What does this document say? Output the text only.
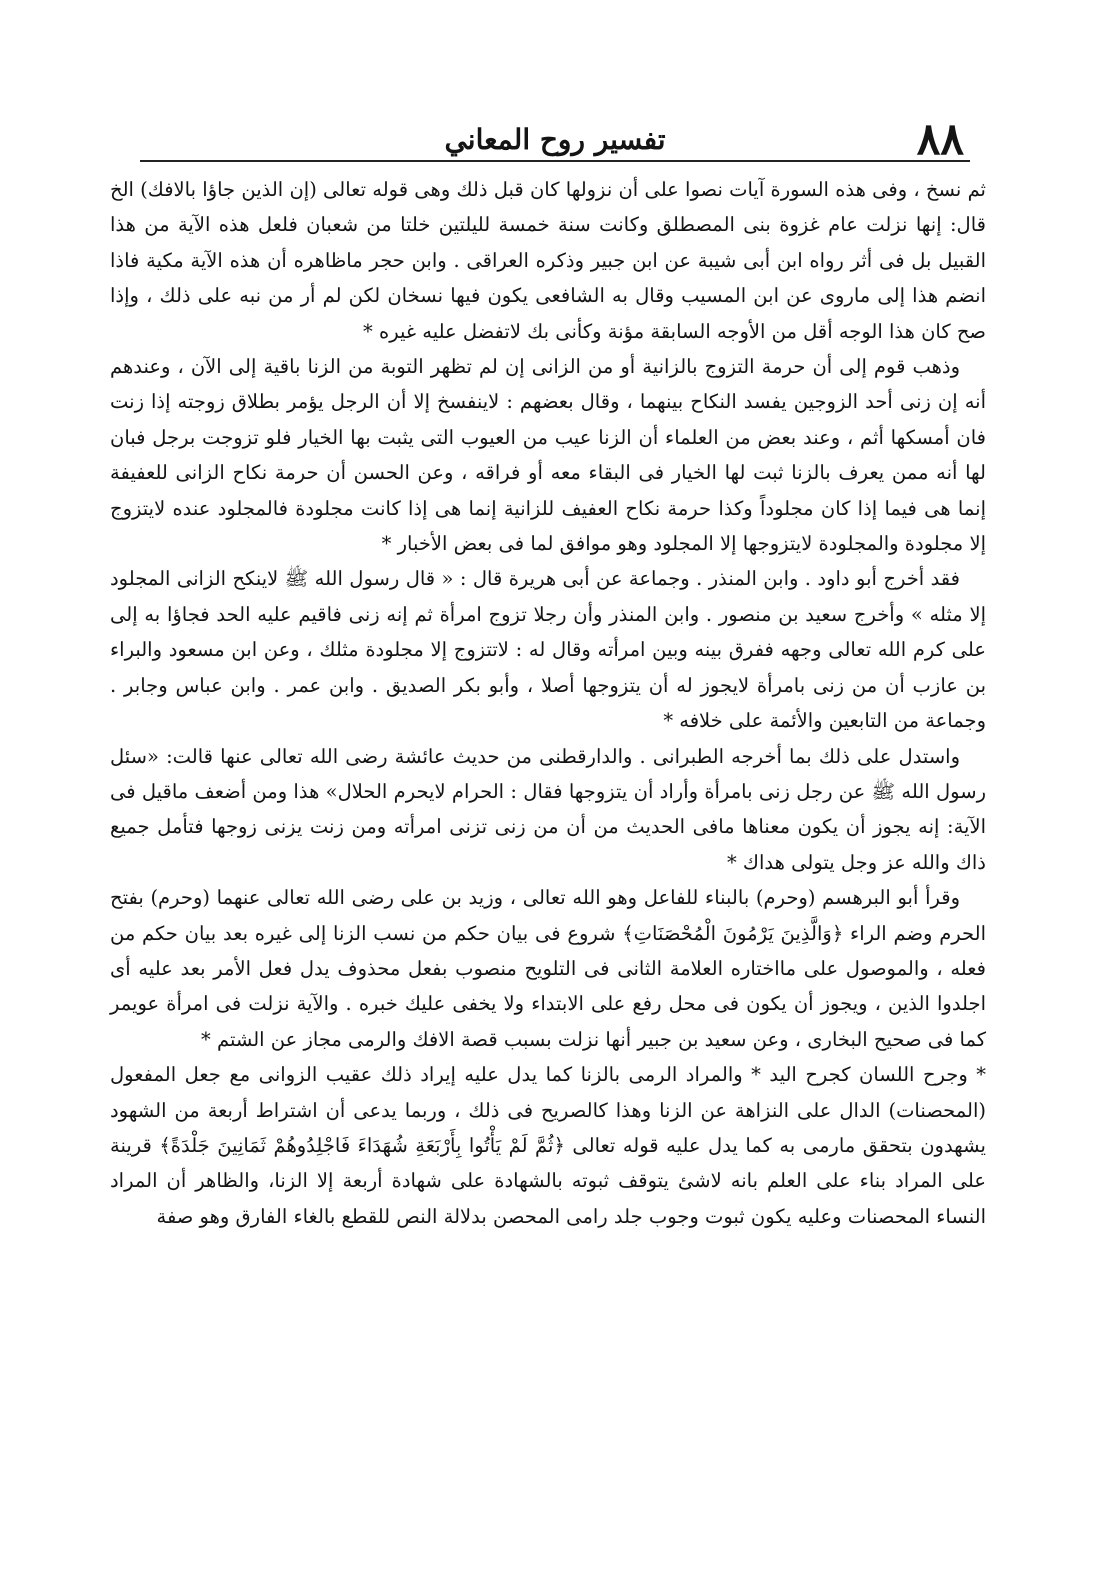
٨٨
تفسير روح المعاني

ثم نسخ ، وفى هذه السورة آيات نصوا على أن نزولها كان قبل ذلك وهى قوله تعالى (إن الذين جاؤا بالافك) الخ قال: إنها نزلت عام غزوة بنى المصطلق وكانت سنة خمسة لليلتين خلتا من شعبان فلعل هذه الآية من هذا القبيل بل فى أثر رواه ابن أبى شيبة عن ابن جبير وذكره العراقى . وابن حجر ماظاهره أن هذه الآية مكية فاذا انضم هذا إلى ماروى عن ابن المسيب وقال به الشافعى يكون فيها نسخان لكن لم أر من نبه على ذلك ، وإذا صح كان هذا الوجه أقل من الأوجه السابقة مؤنة وكأنى بك لاتفضل عليه غيره *

وذهب قوم إلى أن حرمة التزوج بالزانية أو من الزانى إن لم تظهر التوبة من الزنا باقية إلى الآن ، وعندهم أنه إن زنى أحد الزوجين يفسد النكاح بينهما ، وقال بعضهم : لاينفسخ إلا أن الرجل يؤمر بطلاق زوجته إذا زنت فان أمسكها أثم ، وعند بعض من العلماء أن الزنا عيب من العيوب التى يثبت بها الخيار فلو تزوجت برجل فبان لها أنه ممن يعرف بالزنا ثبت لها الخيار فى البقاء معه أو فراقه ، وعن الحسن أن حرمة نكاح الزانى للعفيفة إنما هى فيما إذا كان مجلوداً وكذا حرمة نكاح العفيف للزانية إنما هى إذا كانت مجلودة فالمجلود عنده لايتزوج إلا مجلودة والمجلودة لايتزوجها إلا المجلود وهو موافق لما فى بعض الأخبار *

فقد أخرج أبو داود . وابن المنذر . وجماعة عن أبى هريرة قال : « قال رسول الله ﷺ لاينكح الزانى المجلود إلا مثله » وأخرج سعيد بن منصور . وابن المنذر وأن رجلا تزوج امرأة ثم إنه زنى فاقيم عليه الحد فجاؤا به إلى على كرم الله تعالى وجهه ففرق بينه وبين امرأته وقال له : لاتتزوج إلا مجلودة مثلك ، وعن ابن مسعود والبراء بن عازب أن من زنى بامرأة لايجوز له أن يتزوجها أصلا ، وأبو بكر الصديق . وابن عمر . وابن عباس وجابر . وجماعة من التابعين والأئمة على خلافه *

واستدل على ذلك بما أخرجه الطبرانى . والدارقطنى من حديث عائشة رضى الله تعالى عنها قالت: «سئل رسول الله ﷺ عن رجل زنى بامرأة وأراد أن يتزوجها فقال : الحرام لايحرم الحلال» هذا ومن أضعف ماقيل فى الآية: إنه يجوز أن يكون معناها مافى الحديث من أن من زنى تزنى امرأته ومن زنت يزنى زوجها فتأمل جميع ذاك والله عز وجل يتولى هداك *

وقرأ أبو البرهسم (وحرم) بالبناء للفاعل وهو الله تعالى ، وزيد بن على رضى الله تعالى عنهما (وحرم) بفتح الحرم وضم الراء ﴿وَالَّذِينَ يَرْمُونَ الْمُحْصَنَاتِ﴾ شروع فى بيان حكم من نسب الزنا إلى غيره بعد بيان حكم من فعله ، والموصول على مااختاره العلامة الثانى فى التلويح منصوب بفعل محذوف يدل فعل الأمر بعد عليه أى اجلدوا الذين ، ويجوز أن يكون فى محل رفع على الابتداء ولا يخفى عليك خبره . والآية نزلت فى امرأة عويمر كما فى صحيح البخارى ، وعن سعيد بن جبير أنها نزلت بسبب قصة الافك والرمى مجاز عن الشتم *

* وجرح اللسان كجرح اليد * والمراد الرمى بالزنا كما يدل عليه إيراد ذلك عقيب الزوانى مع جعل المفعول (المحصنات) الدال على النزاهة عن الزنا وهذا كالصريح فى ذلك ، وربما يدعى أن اشتراط أربعة من الشهود يشهدون بتحقق مارمى به كما يدل عليه قوله تعالى ﴿ثُمَّ لَمْ يَأْتُوا بِأَرْبَعَةِ شُهَدَاءَ فَاجْلِدُوهُمْ ثَمَانِينَ جَلْدَةً﴾ قرينة على المراد بناء على العلم بانه لاشئ يتوقف ثبوته بالشهادة على شهادة أربعة إلا الزنا، والظاهر أن المراد النساء المحصنات وعليه يكون ثبوت وجوب جلد رامى المحصن بدلالة النص للقطع بالغاء الفارق وهو صفة
